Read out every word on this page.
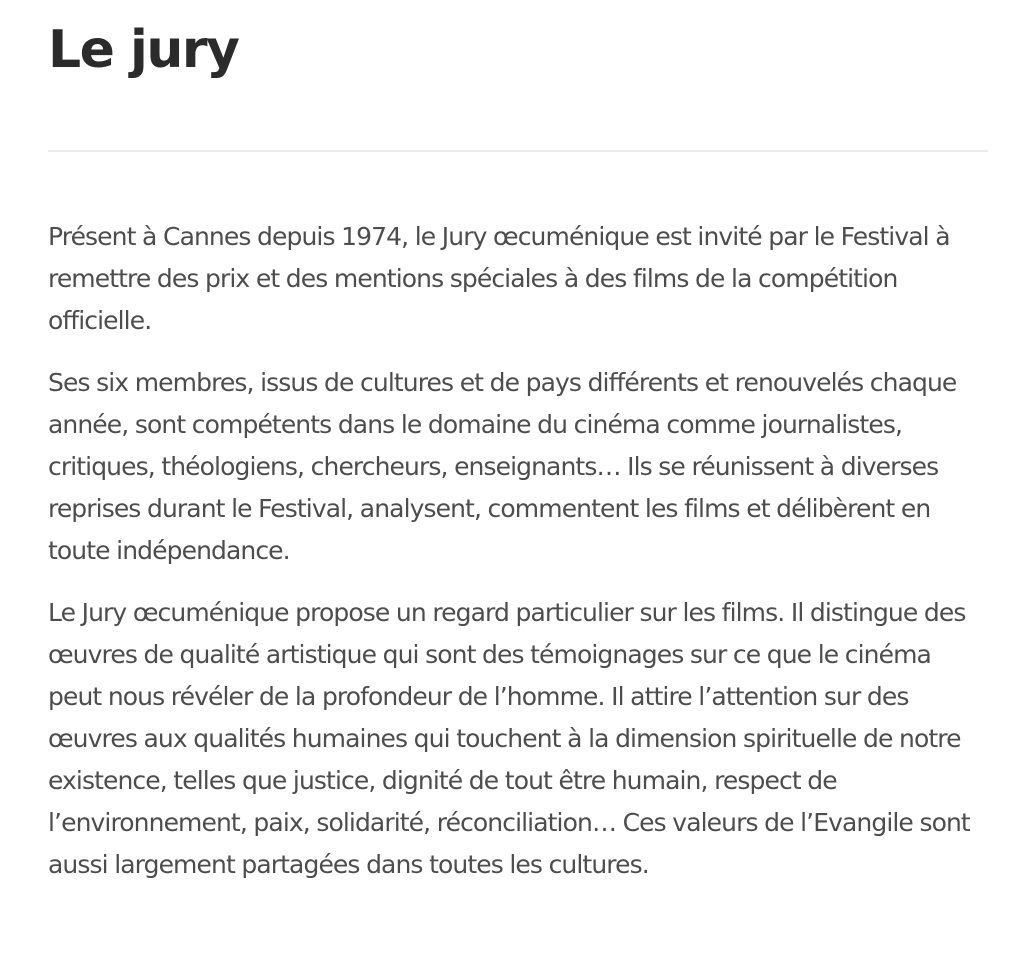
Le jury

Présent à Cannes depuis 1974, le Jury œcuménique est invité par le Festival à remettre des prix et des mentions spéciales à des films de la compétition officielle.

Ses six membres, issus de cultures et de pays différents et renouvelés chaque année, sont compétents dans le domaine du cinéma comme journalistes, critiques, théologiens, chercheurs, enseignants… Ils se réunissent à diverses reprises durant le Festival, analysent, commentent les films et délibèrent en toute indépendance.

Le Jury œcuménique propose un regard particulier sur les films. Il distingue des œuvres de qualité artistique qui sont des témoignages sur ce que le cinéma peut nous révéler de la profondeur de l’homme. Il attire l’attention sur des œuvres aux qualités humaines qui touchent à la dimension spirituelle de notre existence, telles que justice, dignité de tout être humain, respect de l’environnement, paix, solidarité, réconciliation… Ces valeurs de l’Evangile sont aussi largement partagées dans toutes les cultures.
